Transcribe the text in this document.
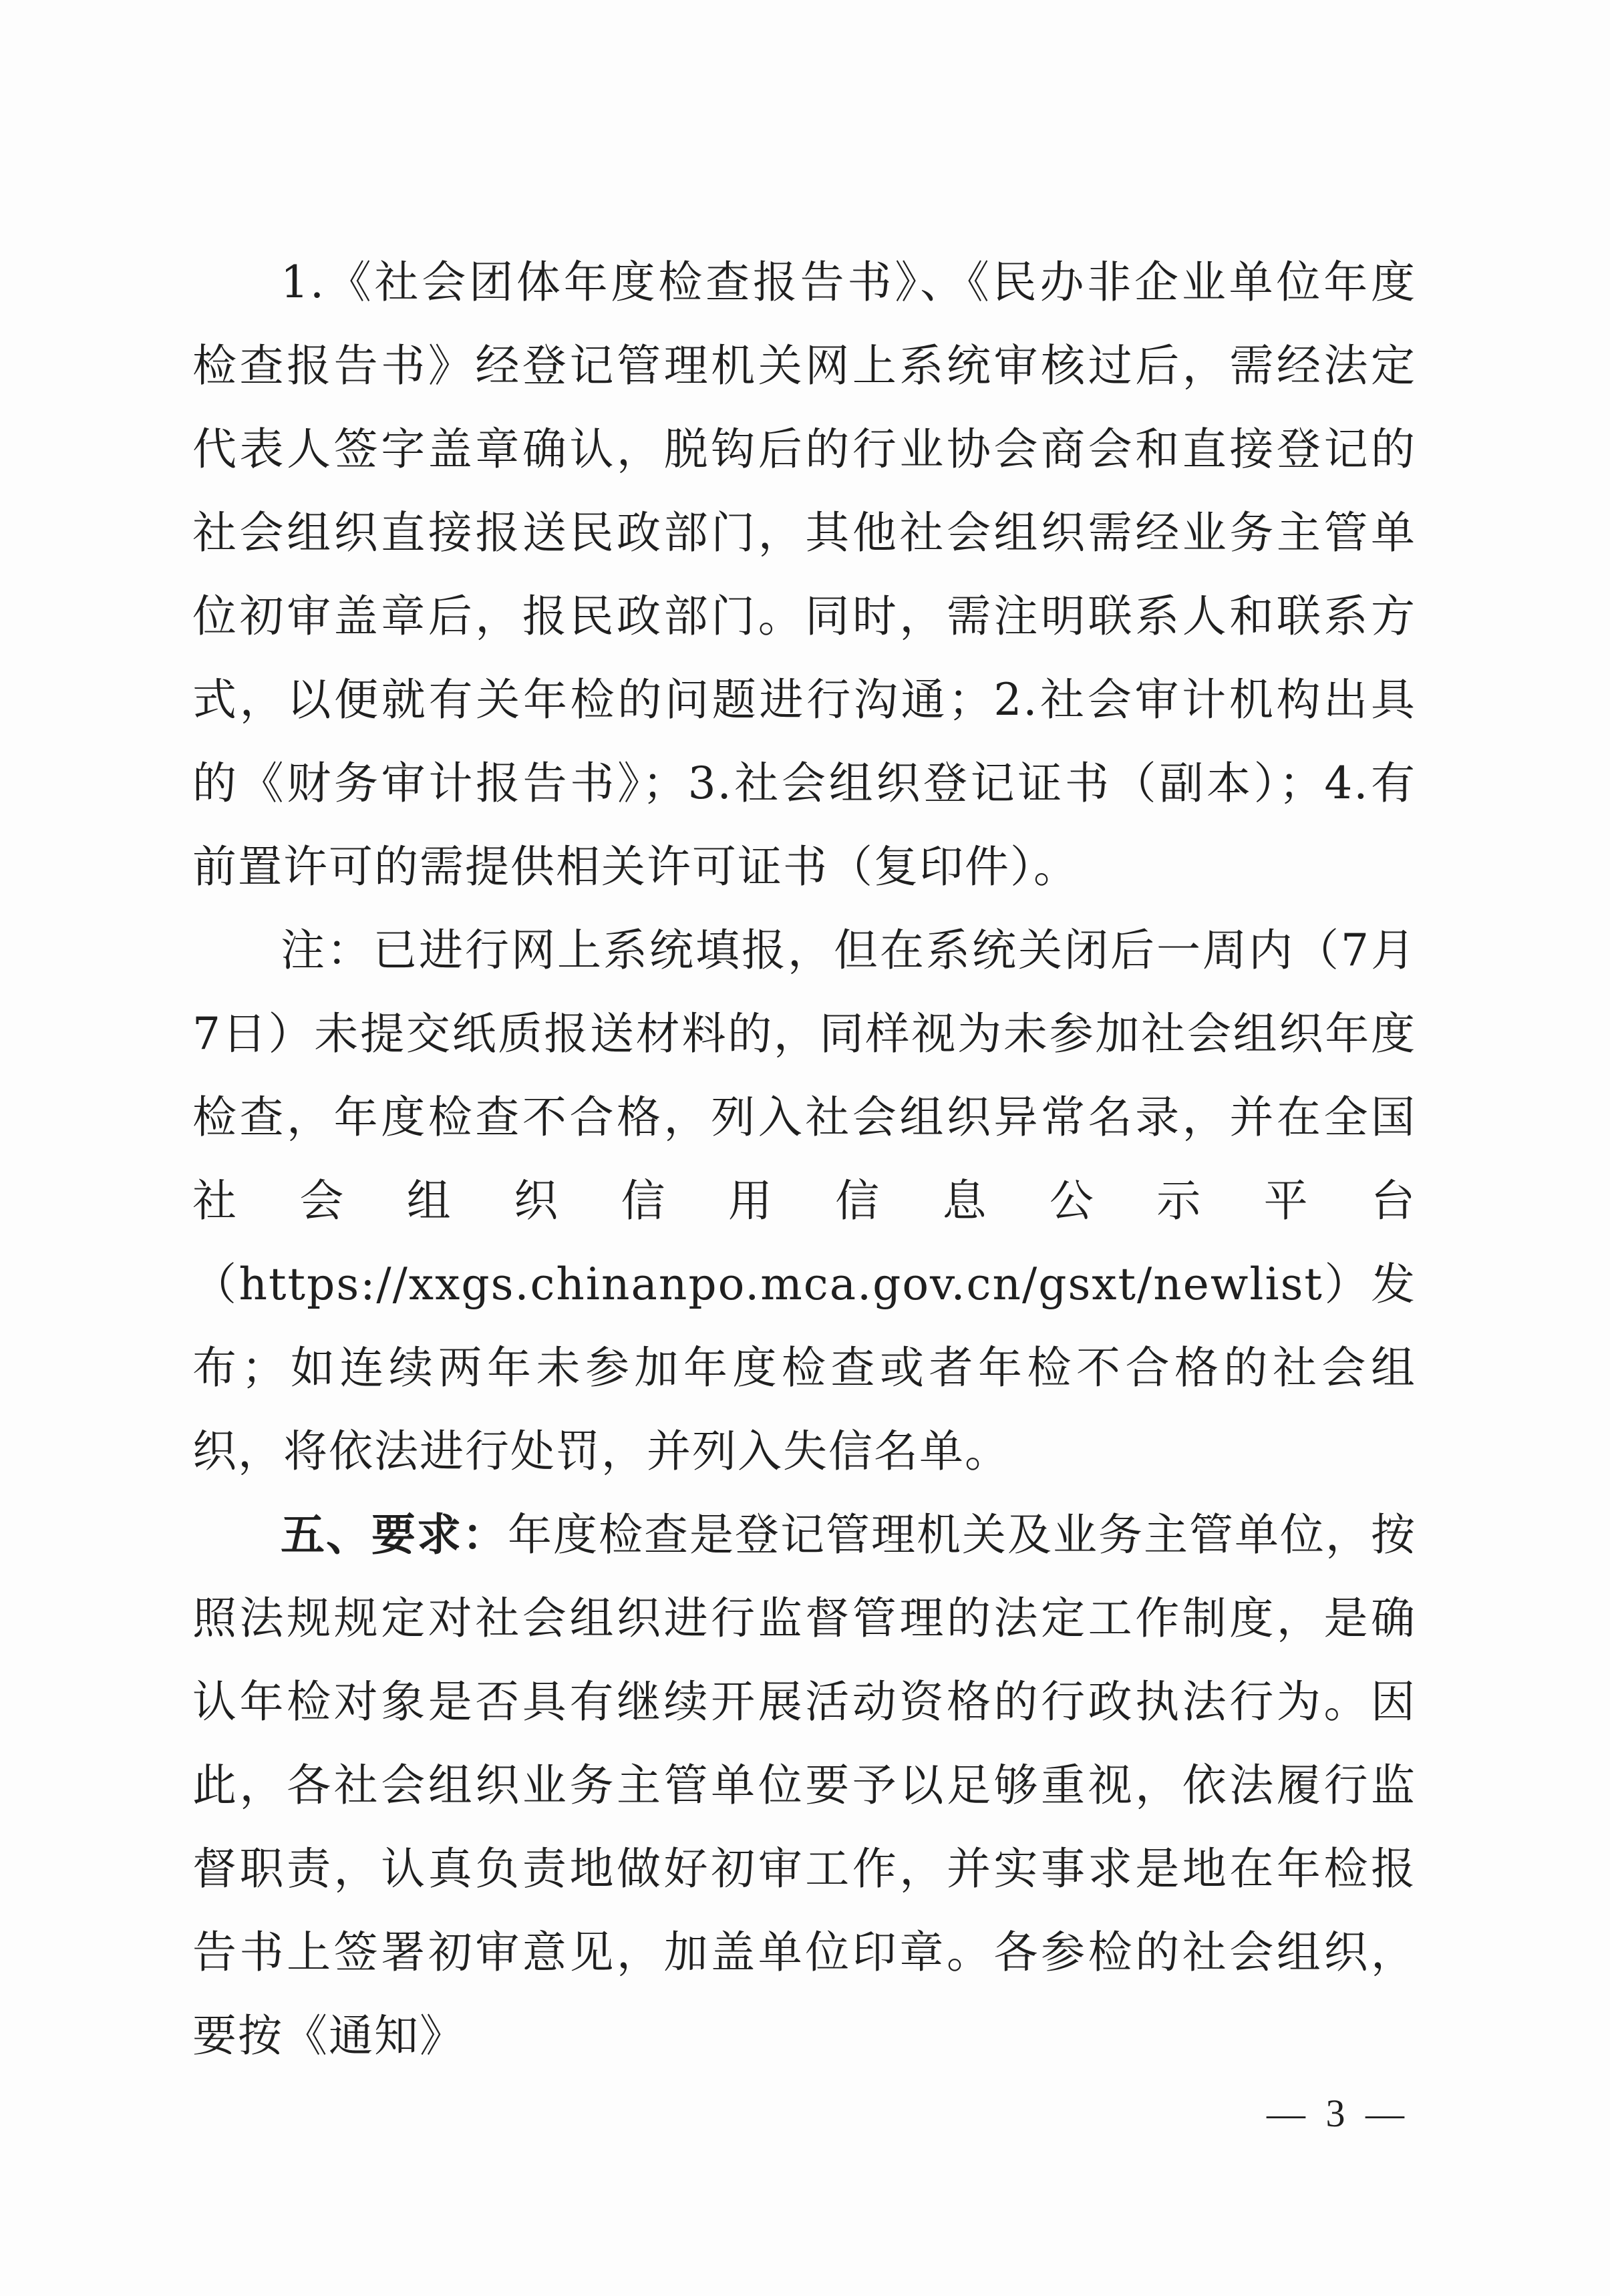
1.《社会团体年度检查报告书》、《民办非企业单位年度检查报告书》经登记管理机关网上系统审核过后，需经法定代表人签字盖章确认，脱钩后的行业协会商会和直接登记的社会组织直接报送民政部门，其他社会组织需经业务主管单位初审盖章后，报民政部门。同时，需注明联系人和联系方式，以便就有关年检的问题进行沟通；2.社会审计机构出具的《财务审计报告书》；3.社会组织登记证书（副本）；4.有前置许可的需提供相关许可证书（复印件）。

注：已进行网上系统填报，但在系统关闭后一周内（7月7日）未提交纸质报送材料的，同样视为未参加社会组织年度检查，年度检查不合格，列入社会组织异常名录，并在全国社会组织信用信息公示平台（https://xxgs.chinanpo.mca.gov.cn/gsxt/newlist）发布；如连续两年未参加年度检查或者年检不合格的社会组织，将依法进行处罚，并列入失信名单。

五、要求：年度检查是登记管理机关及业务主管单位，按照法规规定对社会组织进行监督管理的法定工作制度，是确认年检对象是否具有继续开展活动资格的行政执法行为。因此，各社会组织业务主管单位要予以足够重视，依法履行监督职责，认真负责地做好初审工作，并实事求是地在年检报告书上签署初审意见，加盖单位印章。各参检的社会组织，要按《通知》

— 3 —
